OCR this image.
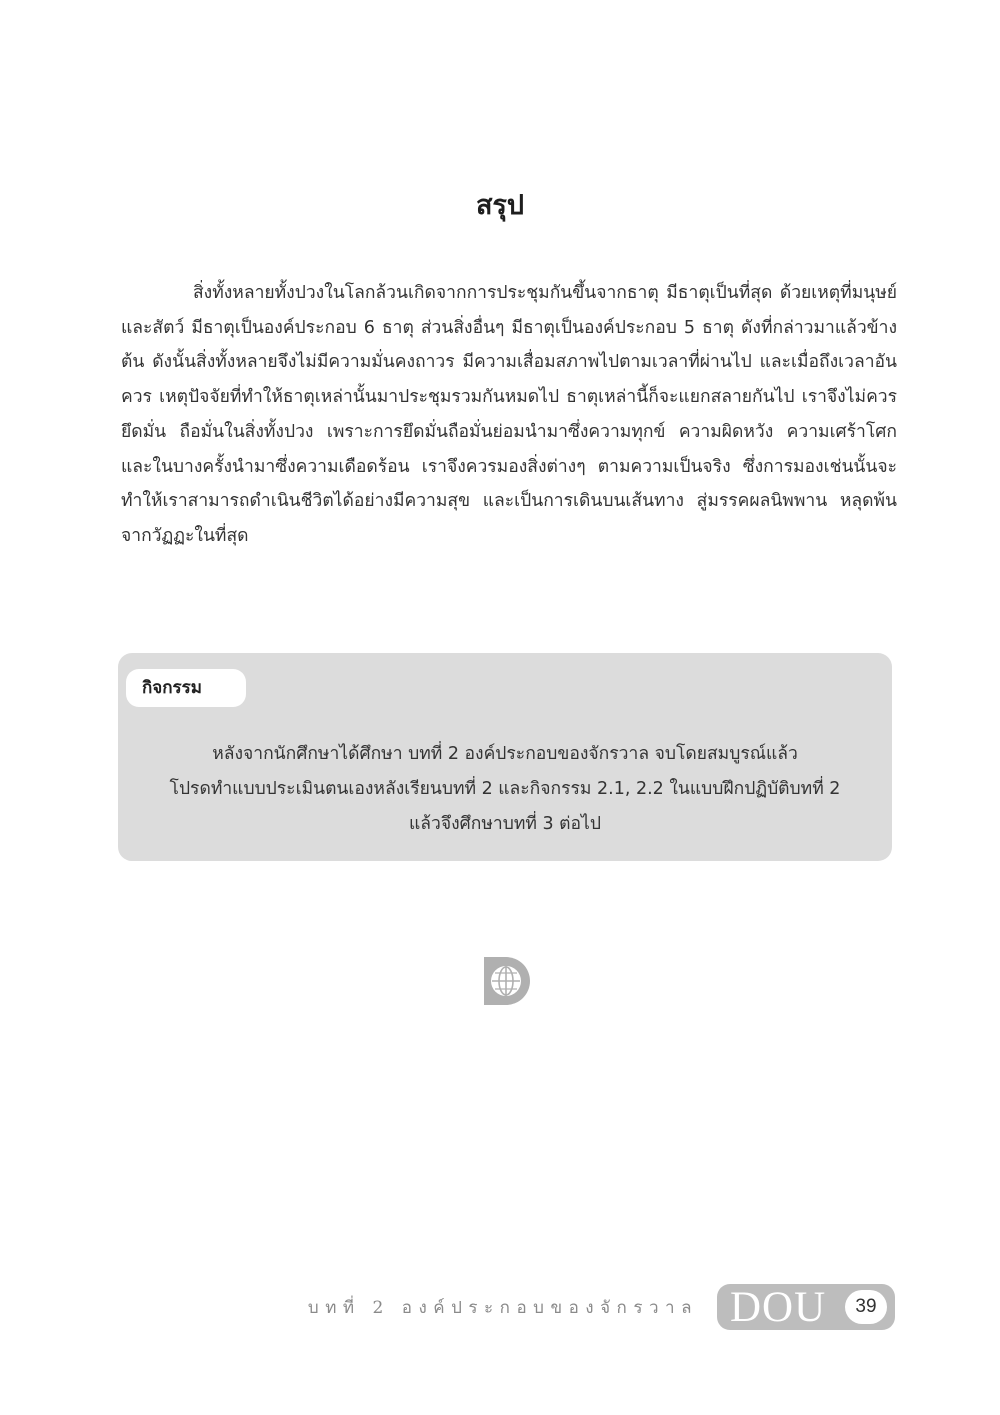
สรุป

สิ่งทั้งหลายทั้งปวงในโลกล้วนเกิดจากการประชุมกันขึ้นจากธาตุ มีธาตุเป็นที่สุด ด้วยเหตุที่มนุษย์และสัตว์ มีธาตุเป็นองค์ประกอบ 6 ธาตุ ส่วนสิ่งอื่นๆ มีธาตุเป็นองค์ประกอบ 5 ธาตุ ดังที่กล่าวมาแล้วข้างต้น ดังนั้นสิ่งทั้งหลายจึงไม่มีความมั่นคงถาวร มีความเสื่อมสภาพไปตามเวลาที่ผ่านไป และเมื่อถึงเวลาอันควร เหตุปัจจัยที่ทำให้ธาตุเหล่านั้นมาประชุมรวมกันหมดไป ธาตุเหล่านี้ก็จะแยกสลายกันไป เราจึงไม่ควรยึดมั่น ถือมั่นในสิ่งทั้งปวง เพราะการยึดมั่นถือมั่นย่อมนำมาซึ่งความทุกข์ ความผิดหวัง ความเศร้าโศก และในบางครั้งนำมาซึ่งความเดือดร้อน เราจึงควรมองสิ่งต่างๆ ตามความเป็นจริง ซึ่งการมองเช่นนั้นจะทำให้เราสามารถดำเนินชีวิตได้อย่างมีความสุข และเป็นการเดินบนเส้นทาง สู่มรรคผลนิพพาน หลุดพ้นจากวัฏฏะในที่สุด

กิจกรรม
หลังจากนักศึกษาได้ศึกษา บทที่ 2 องค์ประกอบของจักรวาล จบโดยสมบูรณ์แล้ว
โปรดทำแบบประเมินตนเองหลังเรียนบทที่ 2 และกิจกรรม 2.1, 2.2 ในแบบฝึกปฏิบัติบทที่ 2
แล้วจึงศึกษาบทที่ 3 ต่อไป
บทที่ 2 องค์ประกอบของจักรวาล DOU	39
